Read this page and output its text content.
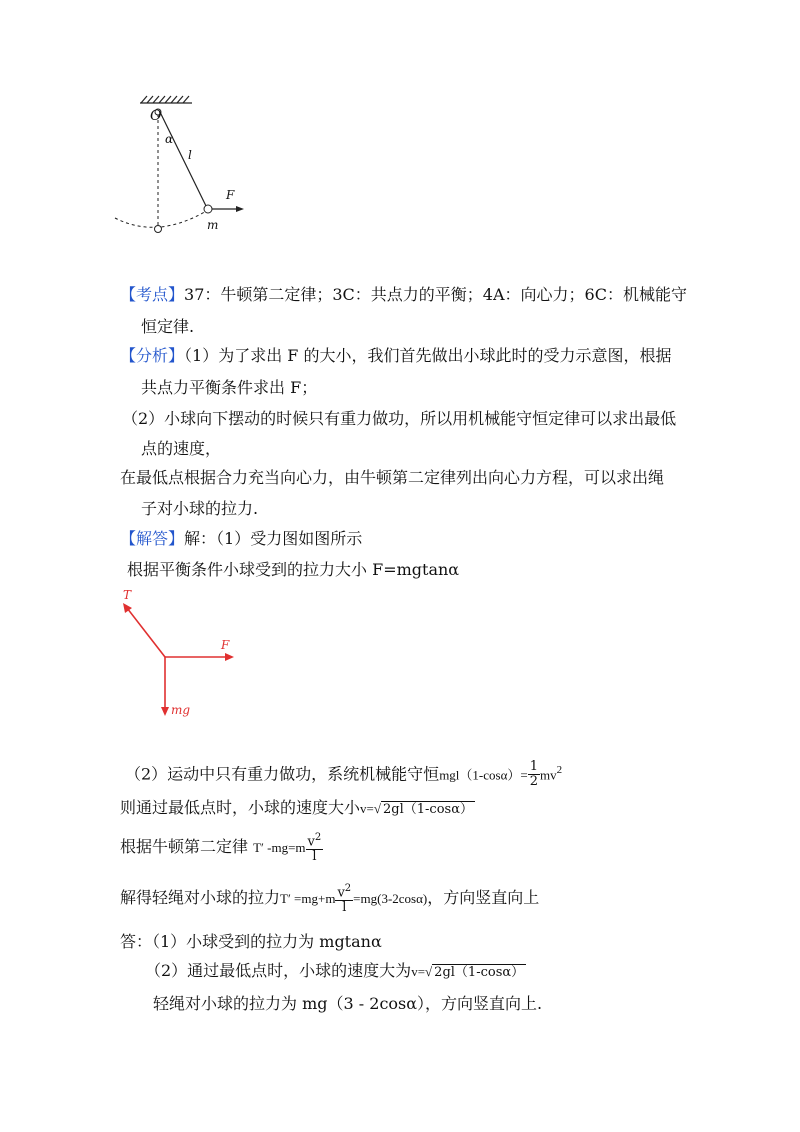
O
α
l
F
m
【考点】37：牛顿第二定律；3C：共点力的平衡；4A：向心力；6C：机械能守
恒定律.
【分析】（1）为了求出 F 的大小，我们首先做出小球此时的受力示意图，根据
共点力平衡条件求出 F；
（2）小球向下摆动的时候只有重力做功，所以用机械能守恒定律可以求出最低
点的速度，
在最低点根据合力充当向心力，由牛顿第二定律列出向心力方程，可以求出绳
子对小球的拉力.
【解答】解：（1）受力图如图所示
根据平衡条件小球受到的拉力大小 F=mgtanα
T
F
mg
（2）运动中只有重力做功，系统机械能守恒$mgl(1-\cos\alpha)= \frac{1}{2} mv^2$
则通过最低点时，小球的速度大小v=√ 2gl（1-cosα）
根据牛顿第二定律 T′ $-mg=m \frac{v^2}{l}$
解得轻绳对小球的拉力$T' =mg+m \frac{v^2}{l} =mg(3-2\cos\alpha)$，方向竖直向上
答：（1）小球受到的拉力为 mgtanα
（2）通过最低点时，小球的速度大为v=√ 2gl（1-cosα）
轻绳对小球的拉力为 mg（3 - 2cosα），方向竖直向上.
